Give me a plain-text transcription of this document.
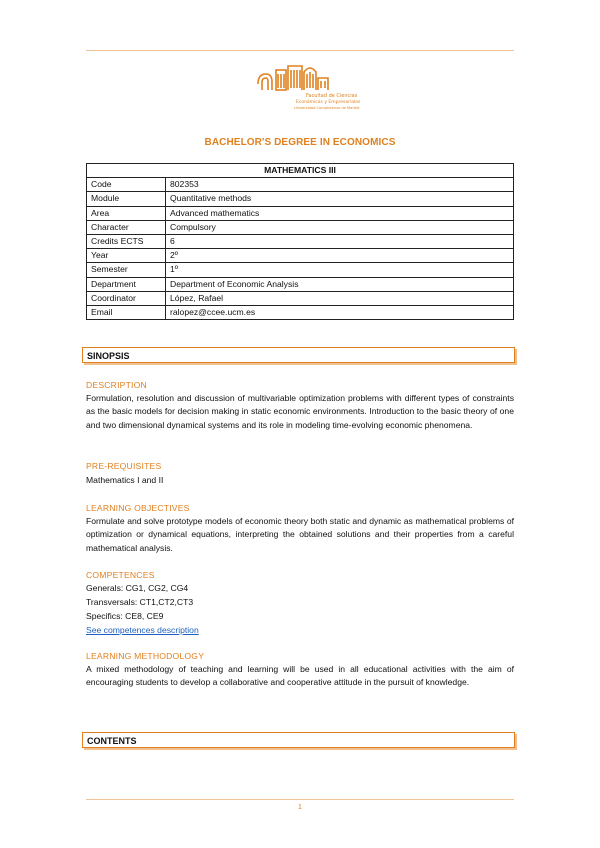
Facultad de Ciencias
Económicas y Empresariales
Universidad Complutense de Madrid
BACHELOR'S DEGREE IN ECONOMICS
MATHEMATICS III	
Code	802353
Module	Quantitative methods
Area	Advanced mathematics
Character	Compulsory
Credits ECTS	6
Year	2º
Semester	1º
Department	Department of Economic Analysis
Coordinator	López, Rafael
Email	ralopez@ccee.ucm.es
SINOPSIS
DESCRIPTION
Formulation, resolution and discussion of multivariable optimization problems with different types of constraints as the basic models for decision making in static economic environments. Introduction to the basic theory of one and two dimensional dynamical systems and its role in modeling time-evolving economic phenomena.
PRE-REQUISITES
Mathematics I and II
LEARNING OBJECTIVES
Formulate and solve prototype models of economic theory both static and dynamic as mathematical problems of optimization or dynamical equations, interpreting the obtained solutions and their properties from a careful mathematical analysis.
COMPETENCES
Generals: CG1, CG2, CG4
Transversals: CT1,CT2,CT3
Specifics: CE8, CE9
See competences description
LEARNING METHODOLOGY
A mixed methodology of teaching and learning will be used in all educational activities with the aim of encouraging students to develop a collaborative and cooperative attitude in the pursuit of knowledge.
CONTENTS
1
